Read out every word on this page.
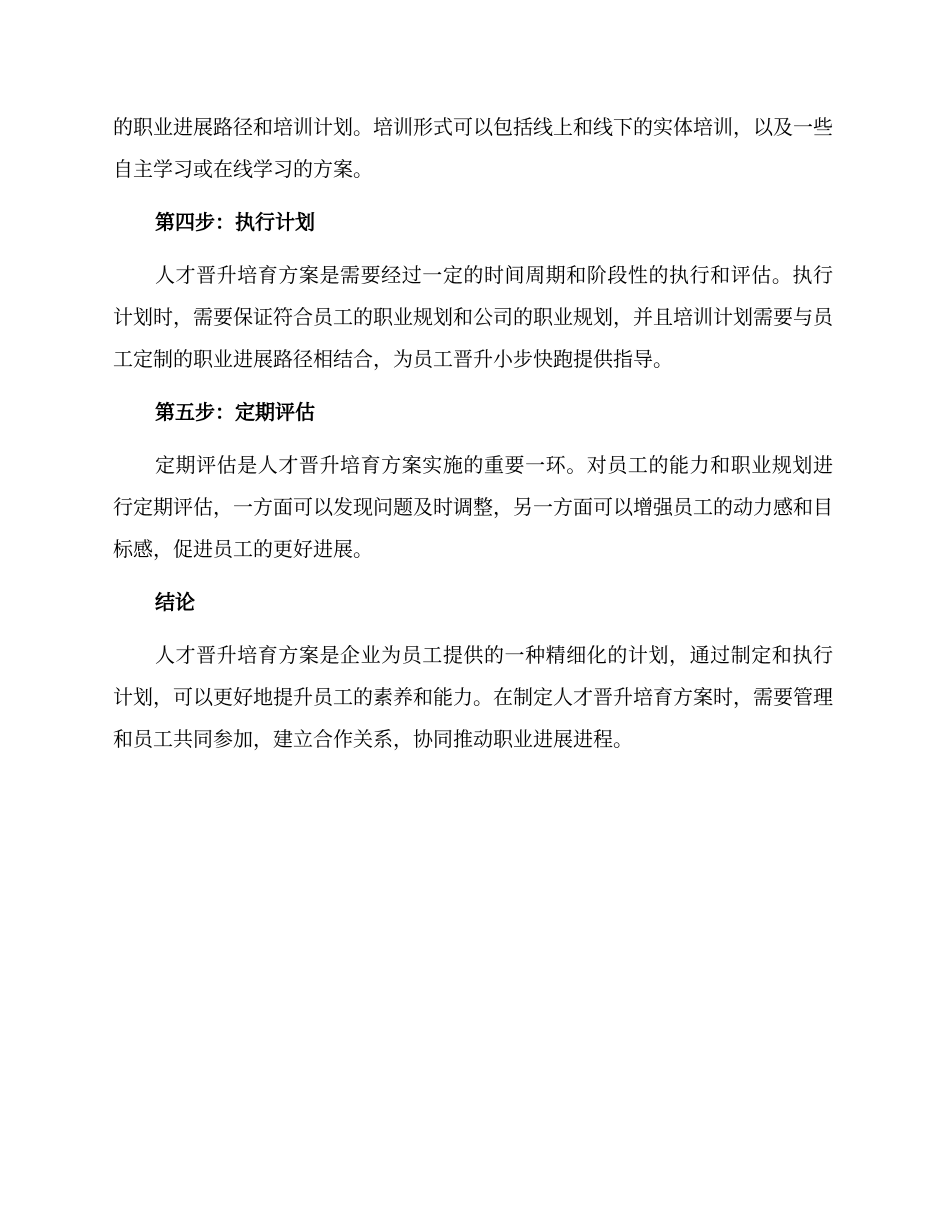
的职业进展路径和培训计划。培训形式可以包括线上和线下的实体培训，以及一些自主学习或在线学习的方案。

第四步：执行计划

人才晋升培育方案是需要经过一定的时间周期和阶段性的执行和评估。执行计划时，需要保证符合员工的职业规划和公司的职业规划，并且培训计划需要与员工定制的职业进展路径相结合，为员工晋升小步快跑提供指导。

第五步：定期评估

定期评估是人才晋升培育方案实施的重要一环。对员工的能力和职业规划进行定期评估，一方面可以发现问题及时调整，另一方面可以增强员工的动力感和目标感，促进员工的更好进展。

结论

人才晋升培育方案是企业为员工提供的一种精细化的计划，通过制定和执行计划，可以更好地提升员工的素养和能力。在制定人才晋升培育方案时，需要管理和员工共同参加，建立合作关系，协同推动职业进展进程。
